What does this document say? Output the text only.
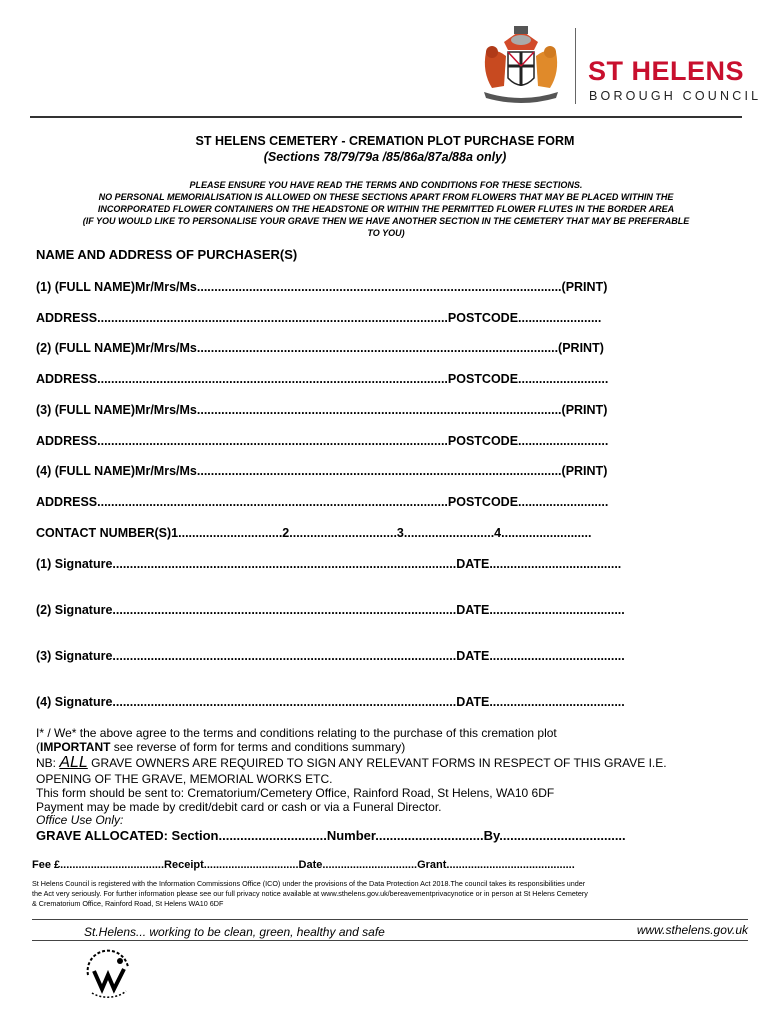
ST HELENS
BOROUGH COUNCIL
ST HELENS CEMETERY - CREMATION PLOT PURCHASE FORM
(Sections 78/79/79a /85/86a/87a/88a only)
PLEASE ENSURE YOU HAVE READ THE TERMS AND CONDITIONS FOR THESE SECTIONS.
NO PERSONAL MEMORIALISATION IS ALLOWED ON THESE SECTIONS APART FROM FLOWERS THAT MAY BE PLACED WITHIN THE
INCORPORATED FLOWER CONTAINERS ON THE HEADSTONE OR WITHIN THE PERMITTED FLOWER FLUTES IN THE BORDER AREA
(IF YOU WOULD LIKE TO PERSONALISE YOUR GRAVE THEN WE HAVE ANOTHER SECTION IN THE CEMETERY THAT MAY BE PREFERABLE
TO YOU)
NAME AND ADDRESS OF PURCHASER(S)
(1) (FULL NAME)Mr/Mrs/Ms.........................................................................................................(PRINT)
ADDRESS.....................................................................................................POSTCODE........................
(2) (FULL NAME)Mr/Mrs/Ms........................................................................................................(PRINT)
ADDRESS.....................................................................................................POSTCODE..........................
(3) (FULL NAME)Mr/Mrs/Ms.........................................................................................................(PRINT)
ADDRESS.....................................................................................................POSTCODE..........................
(4) (FULL NAME)Mr/Mrs/Ms.........................................................................................................(PRINT)
ADDRESS.....................................................................................................POSTCODE..........................
CONTACT NUMBER(S)1..............................2...............................3..........................4..........................
(1) Signature...................................................................................................DATE......................................
(2) Signature...................................................................................................DATE.......................................
(3) Signature...................................................................................................DATE.......................................
(4) Signature...................................................................................................DATE.......................................
I* / We* the above agree to the terms and conditions relating to the purchase of this cremation plot
(IMPORTANT see reverse of form for terms and conditions summary)
NB: ALL GRAVE OWNERS ARE REQUIRED TO SIGN ANY RELEVANT FORMS IN RESPECT OF THIS GRAVE I.E.
OPENING OF THE GRAVE, MEMORIAL WORKS ETC.
This form should be sent to: Crematorium/Cemetery Office, Rainford Road, St Helens, WA10 6DF
Payment may be made by credit/debit card or cash or via a Funeral Director.
Office Use Only:
GRAVE ALLOCATED: Section..............................Number..............................By...................................
Fee £..................................Receipt...............................Date...............................Grant..........................................
St Helens Council is registered with the Information Commissions Office (ICO) under the provisions of the Data Protection Act 2018.The council takes its responsibilities under
the Act very seriously. For further information please see our full privacy notice available at www.sthelens.gov.uk/bereavementprivacynotice or in person at St Helens Cemetery
& Crematorium Office, Rainford Road, St Helens WA10 6DF
St.Helens... working to be clean, green, healthy and safe	www.sthelens.gov.uk
